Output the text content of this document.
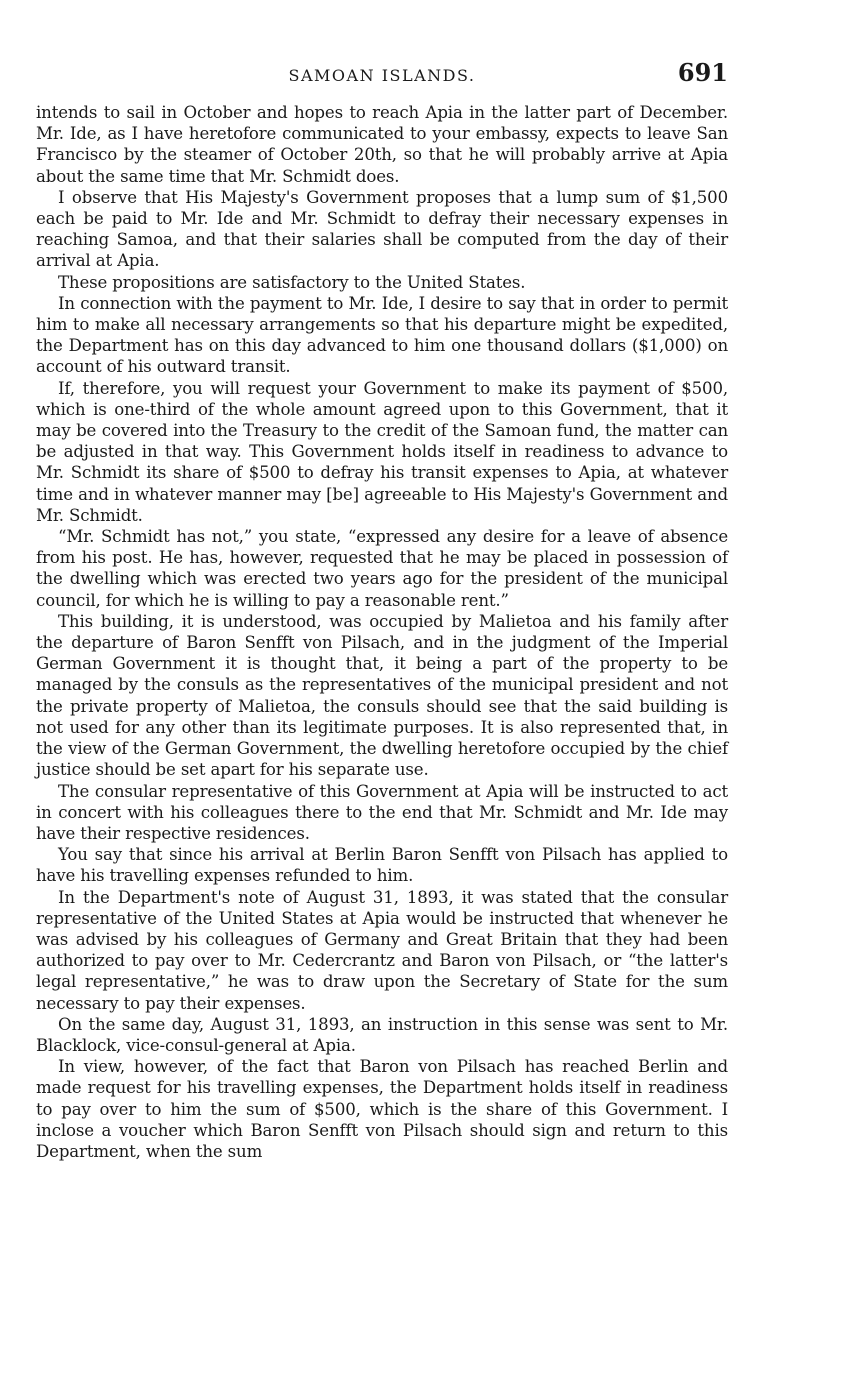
SAMOAN ISLANDS.	691

intends to sail in October and hopes to reach Apia in the latter part of December. Mr. Ide, as I have heretofore communicated to your embassy, expects to leave San Francisco by the steamer of October 20th, so that he will probably arrive at Apia about the same time that Mr. Schmidt does.

I observe that His Majesty's Government proposes that a lump sum of $1,500 each be paid to Mr. Ide and Mr. Schmidt to defray their necessary expenses in reaching Samoa, and that their salaries shall be computed from the day of their arrival at Apia.

These propositions are satisfactory to the United States.

In connection with the payment to Mr. Ide, I desire to say that in order to permit him to make all necessary arrangements so that his departure might be expedited, the Department has on this day advanced to him one thousand dollars ($1,000) on account of his outward transit.

If, therefore, you will request your Government to make its payment of $500, which is one-third of the whole amount agreed upon to this Government, that it may be covered into the Treasury to the credit of the Samoan fund, the matter can be adjusted in that way. This Government holds itself in readiness to advance to Mr. Schmidt its share of $500 to defray his transit expenses to Apia, at whatever time and in whatever manner may [be] agreeable to His Majesty's Government and Mr. Schmidt.

“Mr. Schmidt has not,” you state, “expressed any desire for a leave of absence from his post. He has, however, requested that he may be placed in possession of the dwelling which was erected two years ago for the president of the municipal council, for which he is willing to pay a reasonable rent.”

This building, it is understood, was occupied by Malietoa and his family after the departure of Baron Senfft von Pilsach, and in the judgment of the Imperial German Government it is thought that, it being a part of the property to be managed by the consuls as the representatives of the municipal president and not the private property of Malietoa, the consuls should see that the said building is not used for any other than its legitimate purposes. It is also represented that, in the view of the German Government, the dwelling heretofore occupied by the chief justice should be set apart for his separate use.

The consular representative of this Government at Apia will be instructed to act in concert with his colleagues there to the end that Mr. Schmidt and Mr. Ide may have their respective residences.

You say that since his arrival at Berlin Baron Senfft von Pilsach has applied to have his travelling expenses refunded to him.

In the Department's note of August 31, 1893, it was stated that the consular representative of the United States at Apia would be instructed that whenever he was advised by his colleagues of Germany and Great Britain that they had been authorized to pay over to Mr. Cedercrantz and Baron von Pilsach, or “the latter's legal representative,” he was to draw upon the Secretary of State for the sum necessary to pay their expenses.

On the same day, August 31, 1893, an instruction in this sense was sent to Mr. Blacklock, vice-consul-general at Apia.

In view, however, of the fact that Baron von Pilsach has reached Berlin and made request for his travelling expenses, the Department holds itself in readiness to pay over to him the sum of $500, which is the share of this Government. I inclose a voucher which Baron Senfft von Pilsach should sign and return to this Department, when the sum
